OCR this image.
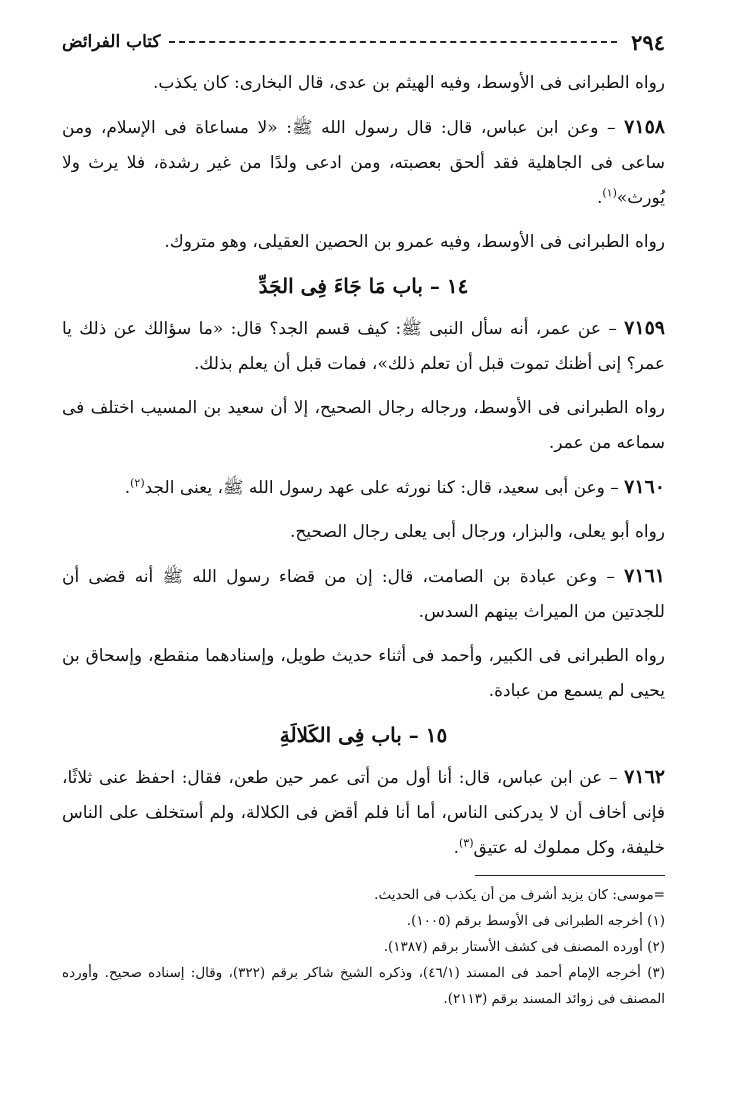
٢٩٤
كتاب الفرائض

رواه الطبرانى فى الأوسط، وفيه الهيثم بن عدى، قال البخارى: كان يكذب.

٧١٥٨ – وعن ابن عباس، قال: قال رسول الله ﷺ: «لا مساعاة فى الإسلام، ومن ساعى فى الجاهلية فقد ألحق بعصبته، ومن ادعى ولدًا من غير رشدة، فلا يرث ولا يُورث»$^{(١)}$.

رواه الطبرانى فى الأوسط، وفيه عمرو بن الحصين العقيلى، وهو متروك.

١٤ – باب مَا جَاءَ فِى الجَدِّ

٧١٥٩ – عن عمر، أنه سأل النبى ﷺ: كيف قسم الجد؟ قال: «ما سؤالك عن ذلك يا عمر؟ إنى أظنك تموت قبل أن تعلم ذلك»، فمات قبل أن يعلم بذلك.

رواه الطبرانى فى الأوسط، ورجاله رجال الصحيح، إلا أن سعيد بن المسيب اختلف فى سماعه من عمر.

٧١٦٠ – وعن أبى سعيد، قال: كنا نورثه على عهد رسول الله ﷺ، يعنى الجد$^{(٢)}$.

رواه أبو يعلى، والبزار، ورجال أبى يعلى رجال الصحيح.

٧١٦١ – وعن عبادة بن الصامت، قال: إن من قضاء رسول الله ﷺ أنه قضى أن للجدتين من الميراث بينهم السدس.

رواه الطبرانى فى الكبير، وأحمد فى أثناء حديث طويل، وإسنادهما منقطع، وإسحاق بن يحيى لم يسمع من عبادة.

١٥ – باب فِى الكَلالَةِ

٧١٦٢ – عن ابن عباس، قال: أنا أول من أتى عمر حين طعن، فقال: احفظ عنى ثلاثًا، فإنى أخاف أن لا يدركنى الناس، أما أنا فلم أقض فى الكلالة، ولم أستخلف على الناس خليفة، وكل مملوك له عتيق$^{(٣)}$.

=موسى: كان يزيد أشرف من أن يكذب فى الحديث.

(١) أخرجه الطبرانى فى الأوسط برقم (١٠٠٥).

(٢) أورده المصنف فى كشف الأستار برقم (١٣٨٧).

(٣) أخرجه الإمام أحمد فى المسند (٤٦/١)، وذكره الشيخ شاكر برقم (٣٢٢)، وقال: إسناده صحيح. وأورده المصنف فى زوائد المسند برقم (٢١١٣).
